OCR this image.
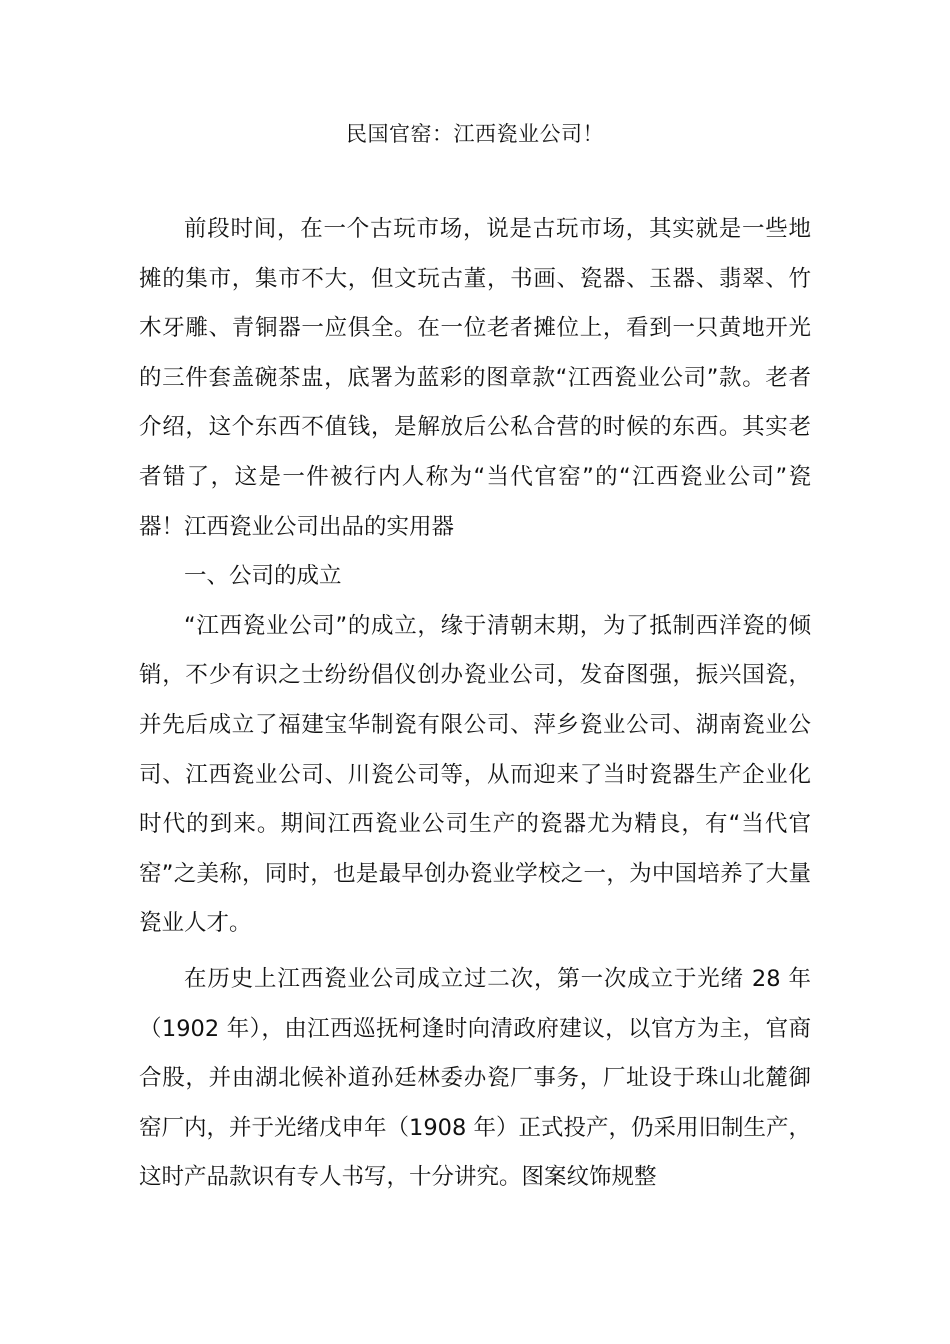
民国官窑：江西瓷业公司！

前段时间，在一个古玩市场，说是古玩市场，其实就是一些地摊的集市，集市不大，但文玩古董，书画、瓷器、玉器、翡翠、竹木牙雕、青铜器一应俱全。在一位老者摊位上，看到一只黄地开光的三件套盖碗茶盅，底署为蓝彩的图章款“江西瓷业公司”款。老者介绍，这个东西不值钱，是解放后公私合营的时候的东西。其实老者错了，这是一件被行内人称为“当代官窑”的“江西瓷业公司”瓷器！江西瓷业公司出品的实用器

一、公司的成立

“江西瓷业公司”的成立，缘于清朝末期，为了抵制西洋瓷的倾销，不少有识之士纷纷倡仪创办瓷业公司，发奋图强，振兴国瓷，并先后成立了福建宝华制瓷有限公司、萍乡瓷业公司、湖南瓷业公司、江西瓷业公司、川瓷公司等，从而迎来了当时瓷器生产企业化时代的到来。期间江西瓷业公司生产的瓷器尤为精良，有“当代官窑”之美称，同时，也是最早创办瓷业学校之一，为中国培养了大量瓷业人才。

在历史上江西瓷业公司成立过二次，第一次成立于光绪 28 年（1902 年），由江西巡抚柯逢时向清政府建议，以官方为主，官商合股，并由湖北候补道孙廷林委办瓷厂事务，厂址设于珠山北麓御窑厂内，并于光绪戊申年（1908 年）正式投产，仍采用旧制生产，这时产品款识有专人书写，十分讲究。图案纹饰规整
